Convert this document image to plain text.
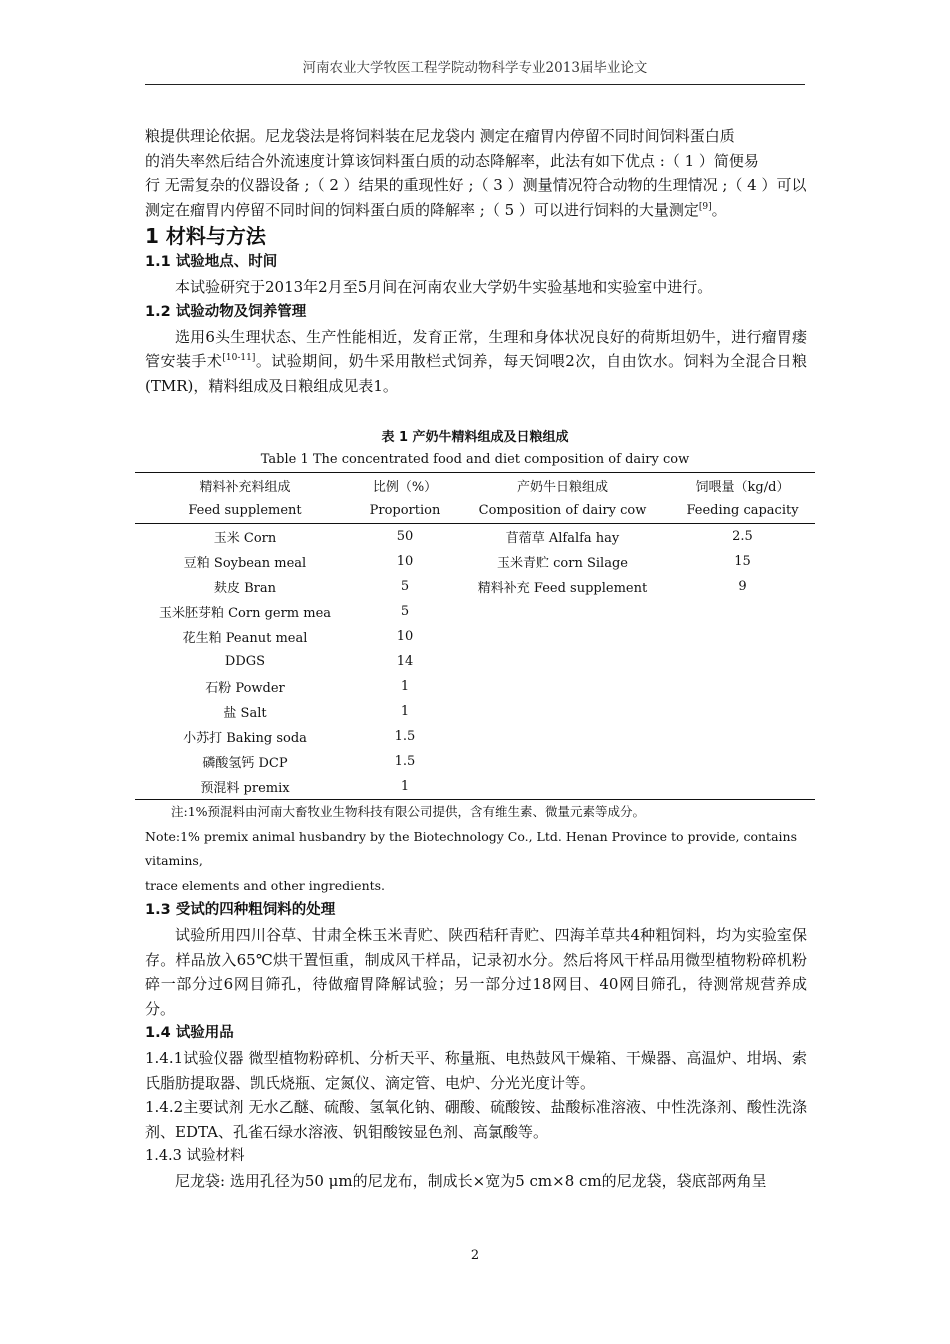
河南农业大学牧医工程学院动物科学专业2013届毕业论文

粮提供理论依据。尼龙袋法是将饲料装在尼龙袋内 测定在瘤胃内停留不同时间饲料蛋白质

的消失率然后结合外流速度计算该饲料蛋白质的动态降解率，此法有如下优点 :（ 1 ）简便易

行 无需复杂的仪器设备 ;（ 2 ）结果的重现性好 ;（ 3 ）测量情况符合动物的生理情况 ;（ 4 ）可以

测定在瘤胃内停留不同时间的饲料蛋白质的降解率 ;（ 5 ）可以进行饲料的大量测定[9]。

1 材料与方法
1.1 试验地点、时间

本试验研究于2013年2月至5月间在河南农业大学奶牛实验基地和实验室中进行。

1.2 试验动物及饲养管理

选用6头生理状态、生产性能相近，发育正常，生理和身体状况良好的荷斯坦奶牛，进行瘤胃瘘管安装手术[10-11]。试验期间，奶牛采用散栏式饲养，每天饲喂2次，自由饮水。饲料为全混合日粮(TMR)，精料组成及日粮组成见表1。

表 1 产奶牛精料组成及日粮组成
Table 1 The concentrated food and diet composition of dairy cow
精料补充料组成	比例（%）	产奶牛日粮组成	饲喂量（kg/d）
Feed supplement	Proportion	Composition of dairy cow	Feeding capacity
玉米 Corn	50	苜蓿草 Alfalfa hay	2.5
豆粕 Soybean meal	10	玉米青贮 corn Silage	15
麸皮 Bran	5	精料补充 Feed supplement	9
玉米胚芽粕 Corn germ mea	5		
花生粕 Peanut meal	10		
DDGS	14		
石粉 Powder	1		
盐 Salt	1		
小苏打 Baking soda	1.5		
磷酸氢钙 DCP	1.5		
预混料 premix	1		

注:1%预混料由河南大畜牧业生物科技有限公司提供，含有维生素、微量元素等成分。

Note:1% premix animal husbandry by the Biotechnology Co., Ltd. Henan Province to provide, contains vitamins,

trace elements and other ingredients.

1.3 受试的四种粗饲料的处理

试验所用四川谷草、甘肃全株玉米青贮、陕西秸秆青贮、四海羊草共4种粗饲料，均为实验室保存。样品放入65℃烘干置恒重，制成风干样品，记录初水分。然后将风干样品用微型植物粉碎机粉碎一部分过6网目筛孔，待做瘤胃降解试验；另一部分过18网目、40网目筛孔，待测常规营养成分。

1.4 试验用品

1.4.1试验仪器 微型植物粉碎机、分析天平、称量瓶、电热鼓风干燥箱、干燥器、高温炉、坩埚、索氏脂肪提取器、凯氏烧瓶、定氮仪、滴定管、电炉、分光光度计等。

1.4.2主要试剂 无水乙醚、硫酸、氢氧化钠、硼酸、硫酸铵、盐酸标准溶液、中性洗涤剂、酸性洗涤剂、EDTA、孔雀石绿水溶液、钒钼酸铵显色剂、高氯酸等。

1.4.3 试验材料

尼龙袋: 选用孔径为50 μm的尼龙布，制成长×宽为5 cm×8 cm的尼龙袋，袋底部两角呈

2
